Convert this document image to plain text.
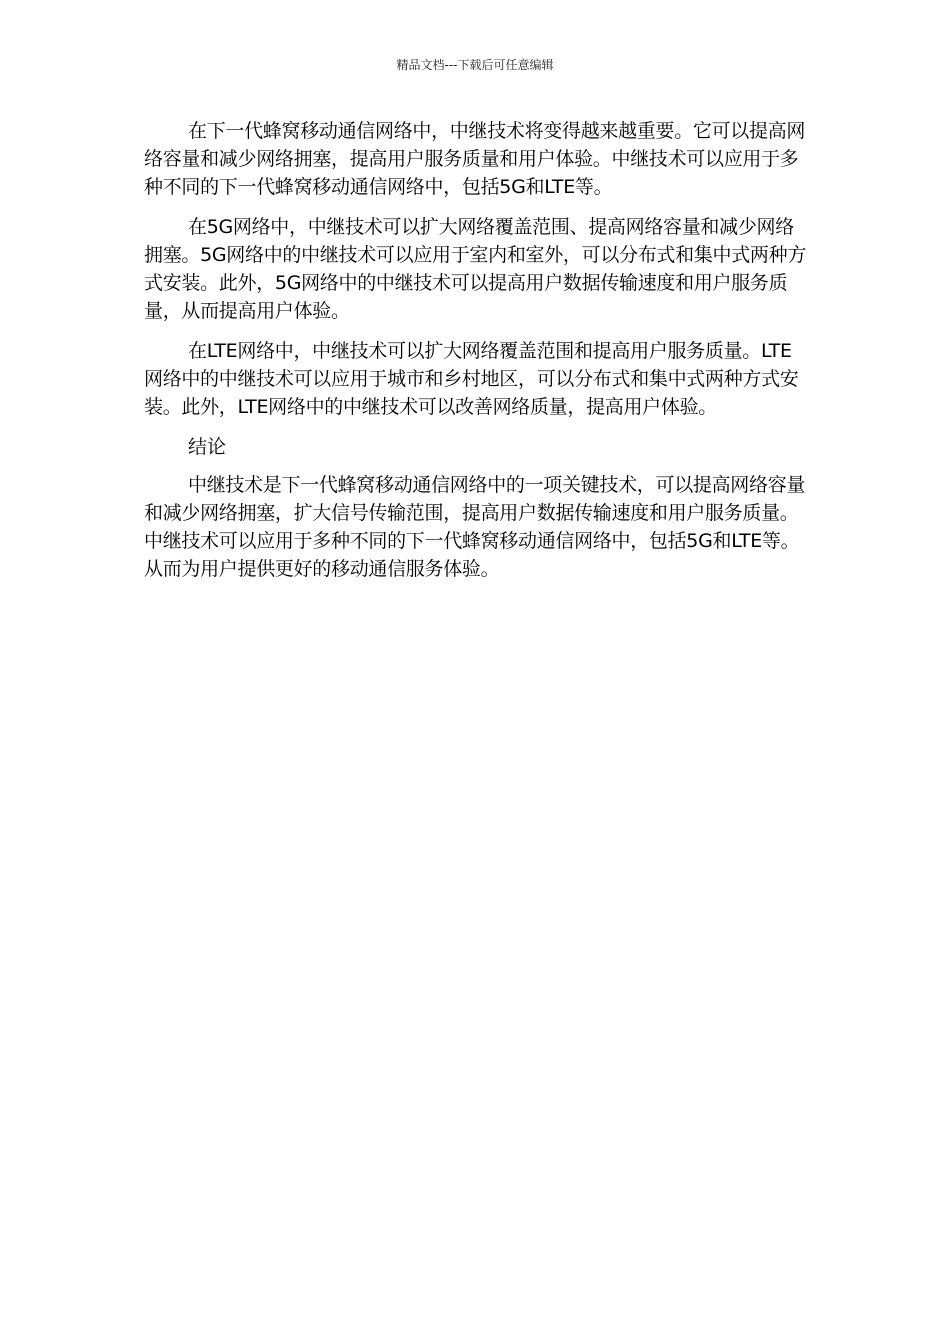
精品文档---下载后可任意编辑

在下一代蜂窝移动通信网络中，中继技术将变得越来越重要。它可以提高网络容量和减少网络拥塞，提高用户服务质量和用户体验。中继技术可以应用于多种不同的下一代蜂窝移动通信网络中，包括5G和LTE等。

在5G网络中，中继技术可以扩大网络覆盖范围、提高网络容量和减少网络拥塞。5G网络中的中继技术可以应用于室内和室外，可以分布式和集中式两种方式安装。此外，5G网络中的中继技术可以提高用户数据传输速度和用户服务质量，从而提高用户体验。

在LTE网络中，中继技术可以扩大网络覆盖范围和提高用户服务质量。LTE网络中的中继技术可以应用于城市和乡村地区，可以分布式和集中式两种方式安装。此外，LTE网络中的中继技术可以改善网络质量，提高用户体验。

结论

中继技术是下一代蜂窝移动通信网络中的一项关键技术，可以提高网络容量和减少网络拥塞，扩大信号传输范围，提高用户数据传输速度和用户服务质量。中继技术可以应用于多种不同的下一代蜂窝移动通信网络中，包括5G和LTE等。从而为用户提供更好的移动通信服务体验。
